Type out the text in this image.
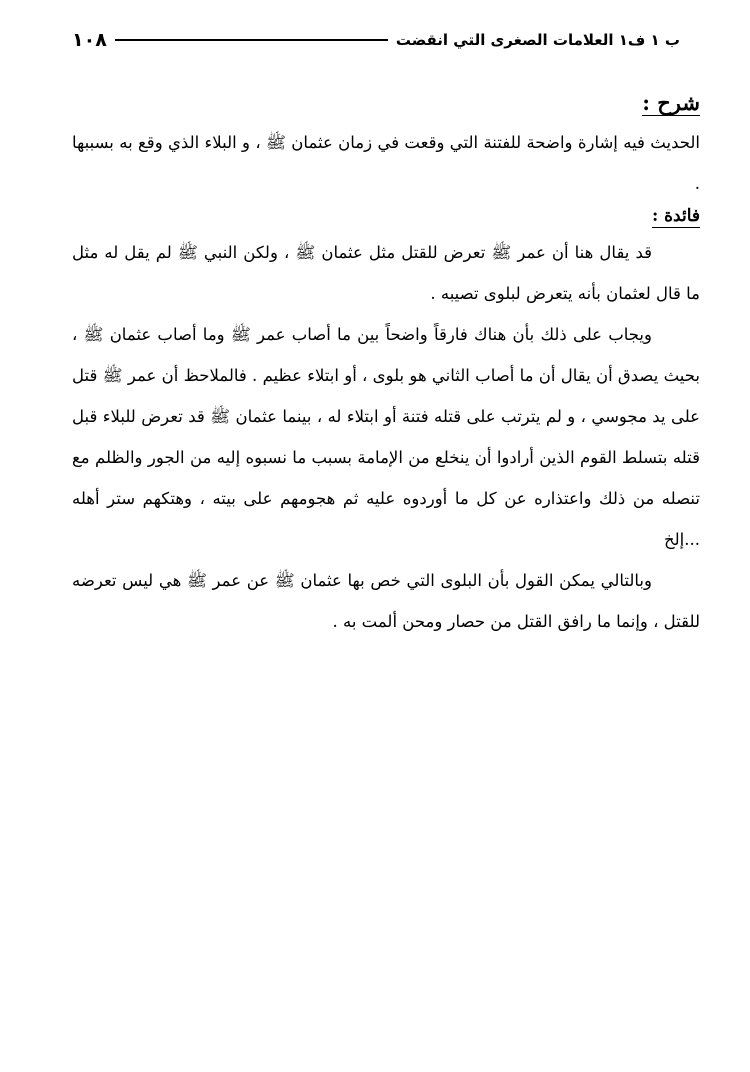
١٠٨	ب ١ ف١ العلامات الصغرى التي انقضت
شرح :

الحديث فيه إشارة واضحة للفتنة التي وقعت في زمان عثمان ﷺ ، و البلاء الذي وقع به بسببها .

فائدة :

قد يقال هنا أن عمر ﷺ تعرض للقتل مثل عثمان ﷺ ، ولكن النبي ﷺ لم يقل له مثل ما قال لعثمان بأنه يتعرض لبلوى تصيبه .

ويجاب على ذلك بأن هناك فارقاً واضحاً بين ما أصاب عمر ﷺ وما أصاب عثمان ﷺ ، بحيث يصدق أن يقال أن ما أصاب الثاني هو بلوى ، أو ابتلاء عظيم . فالملاحظ أن عمر ﷺ قتل على يد مجوسي ، و لم يترتب على قتله فتنة أو ابتلاء له ، بينما عثمان ﷺ قد تعرض للبلاء قبل قتله بتسلط القوم الذين أرادوا أن ينخلع من الإمامة بسبب ما نسبوه إليه من الجور والظلم مع تنصله من ذلك واعتذاره عن كل ما أوردوه عليه ثم هجومهم على بيته ، وهتكهم ستر أهله ...إلخ

وبالتالي يمكن القول بأن البلوى التي خص بها عثمان ﷺ عن عمر ﷺ هي ليس تعرضه للقتل ، وإنما ما رافق القتل من حصار ومحن ألمت به .
